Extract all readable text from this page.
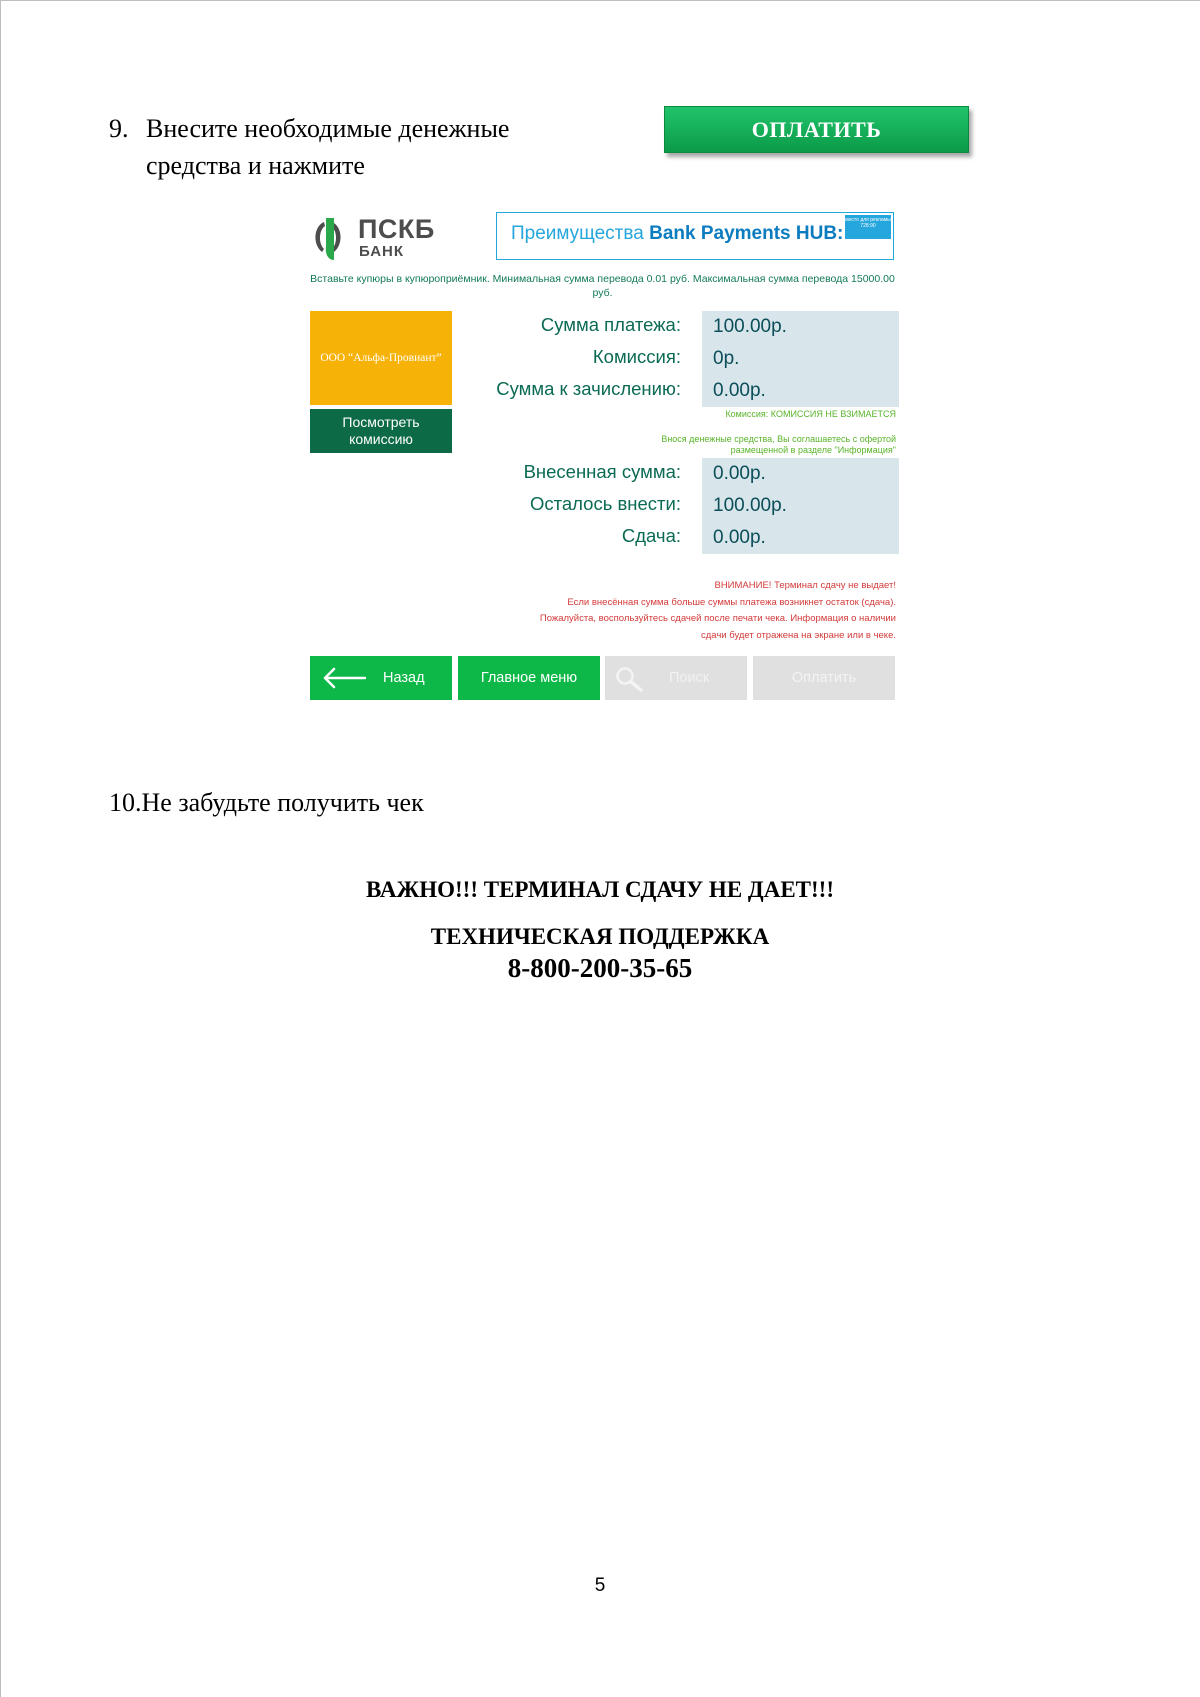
9. Внесите необходимые денежные средства и нажмите
ОПЛАТИТЬ
ПСКБ
БАНК
Преимущества Bank Payments HUB:
место для рекламы 728:90
Вставьте купюры в купюроприёмник. Минимальная сумма перевода 0.01 руб. Максимальная сумма перевода 15000.00 руб.
ООО “Альфа-Провиант”
Посмотреть комиссию
Сумма платежа:	100.00р.
Комиссия:	0р.
Сумма к зачислению:	0.00р.
Комиссия: КОМИССИЯ НЕ ВЗИМАЕТСЯ
Внося денежные средства, Вы соглашаетесь с офертой
размещенной в разделе "Информация"
Внесенная сумма:	0.00р.
Осталось внести:	100.00р.
Сдача:	0.00р.
ВНИМАНИЕ! Терминал сдачу не выдает!
Если внесённая сумма больше суммы платежа возникнет остаток (сдача).
Пожалуйста, воспользуйтесь сдачей после печати чека. Информация о наличии
сдачи будет отражена на экране или в чеке.
Назад	Главное меню	Поиск	Оплатить
10.Не забудьте получить чек
ВАЖНО!!! ТЕРМИНАЛ СДАЧУ НЕ ДАЕТ!!!
ТЕХНИЧЕСКАЯ ПОДДЕРЖКА
8-800-200-35-65
5
